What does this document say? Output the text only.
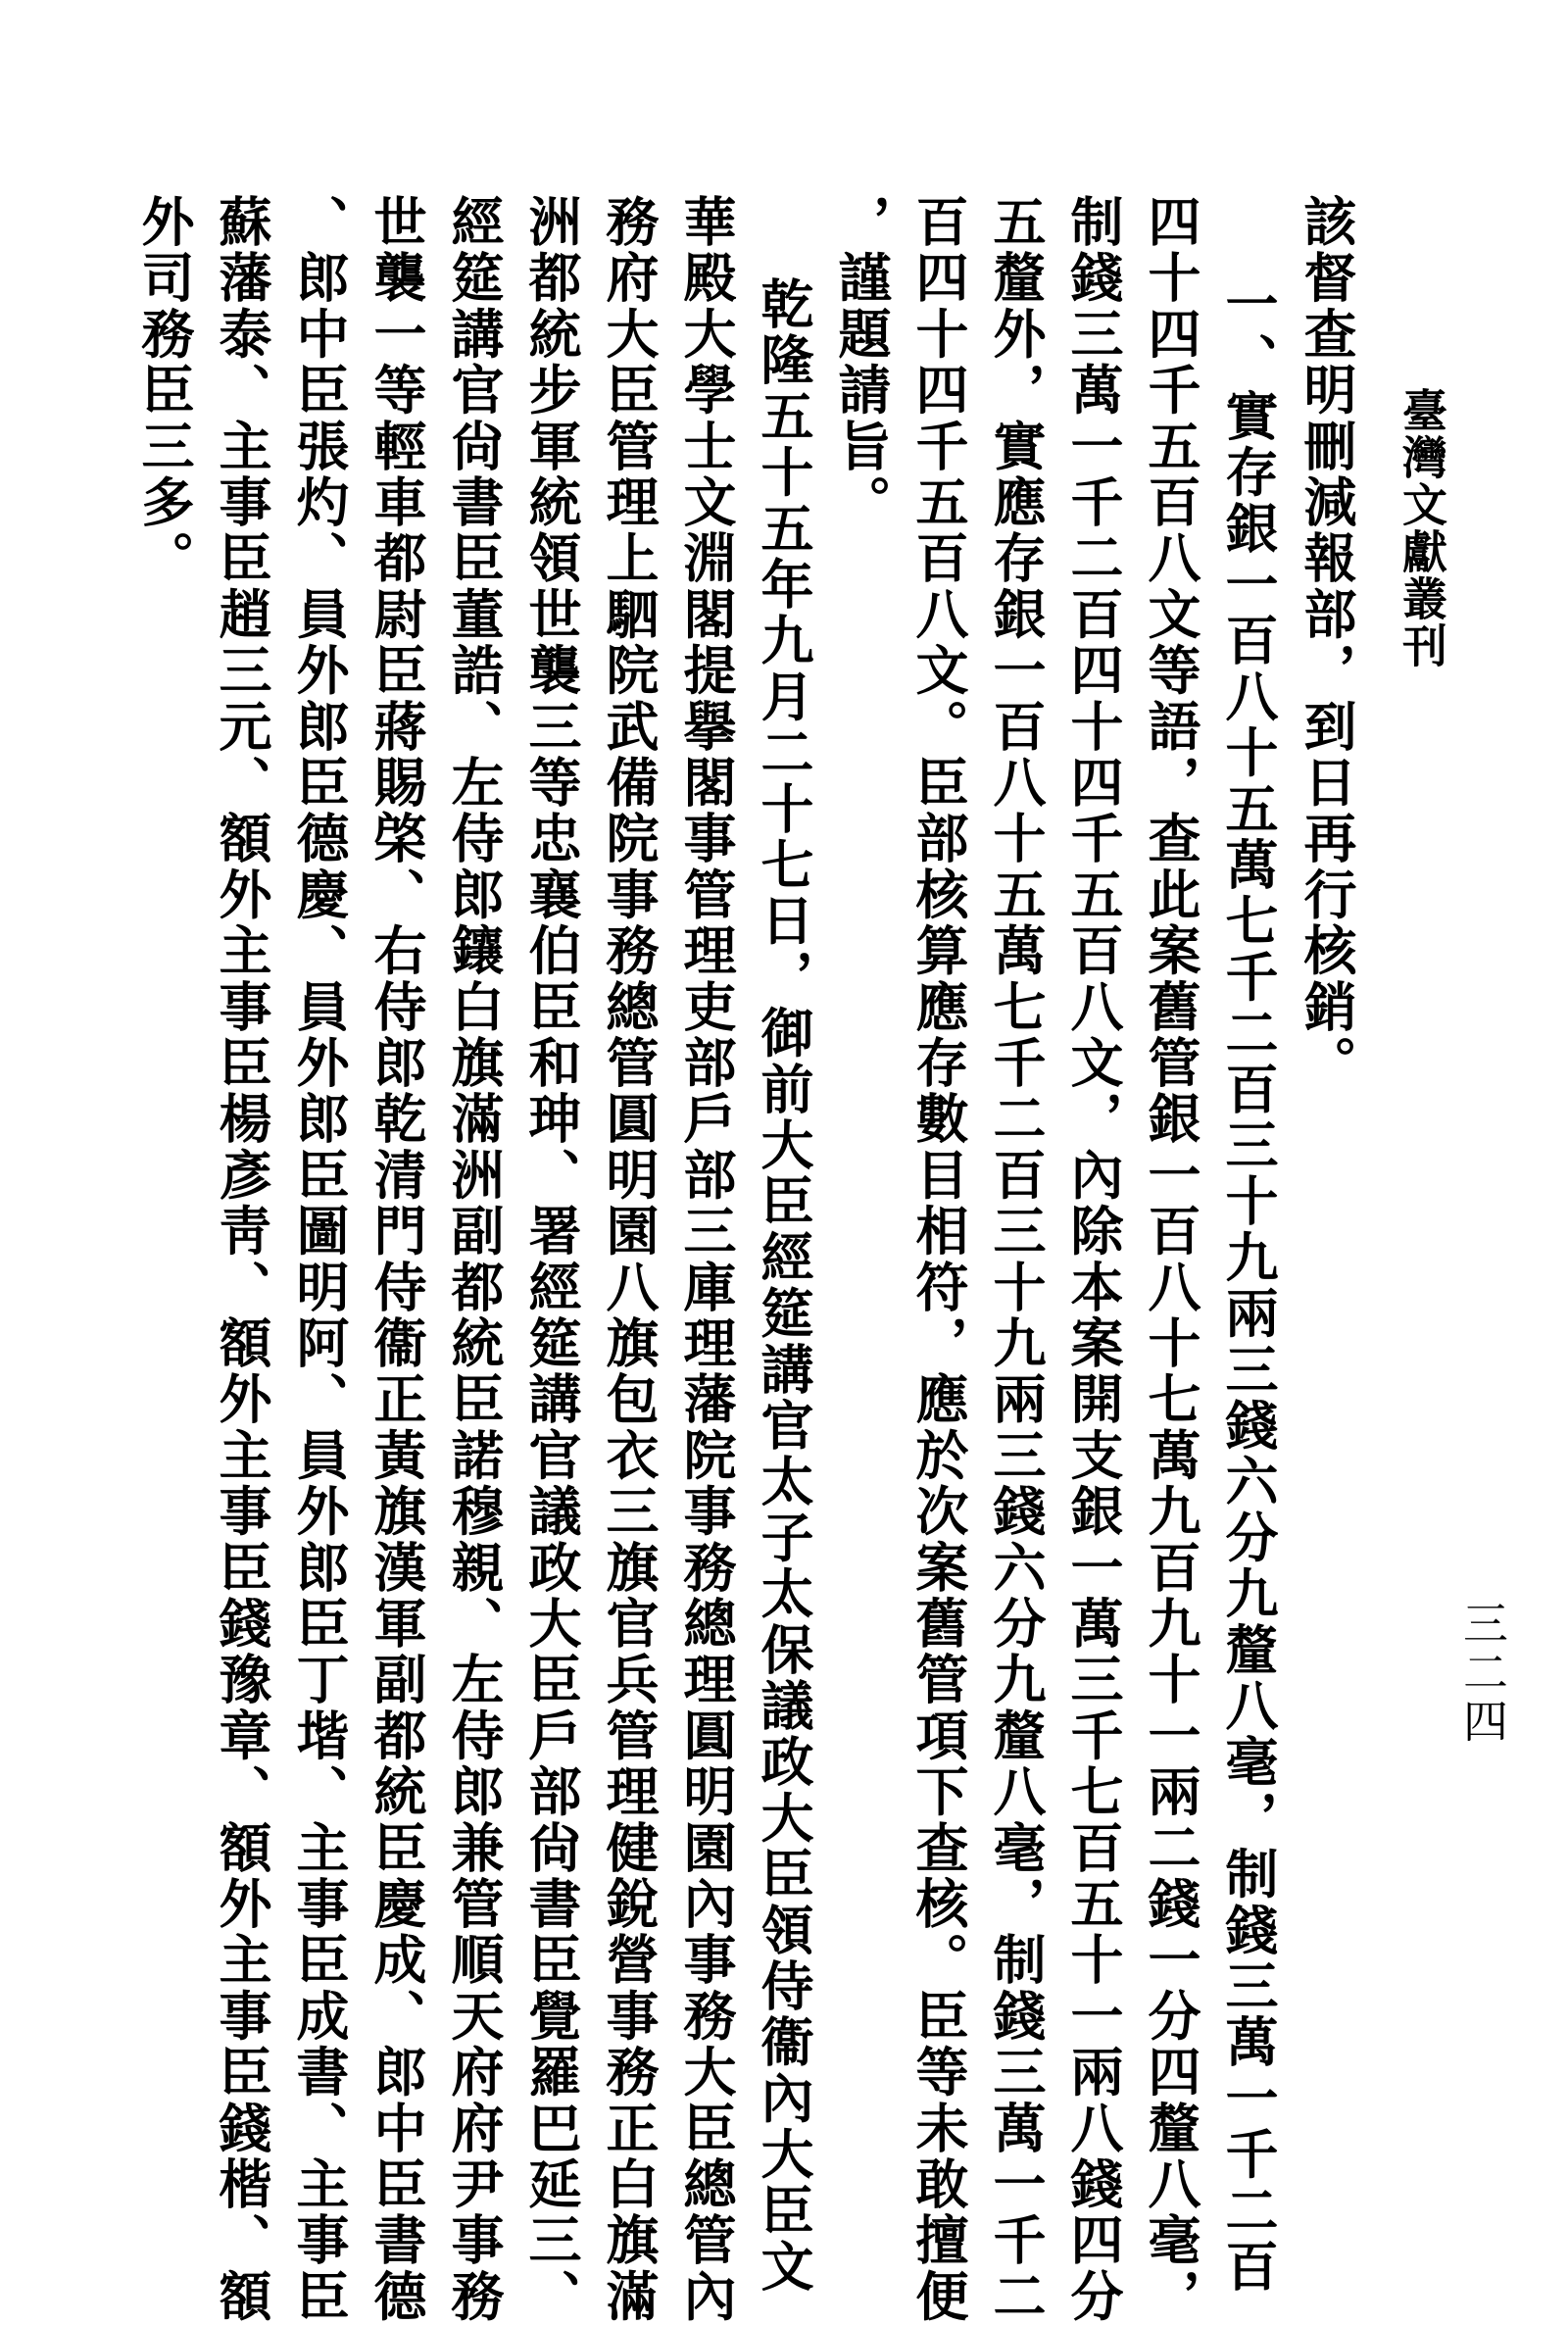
臺灣文獻叢刊
三二四
該督查明刪減報部，到日再行核銷。
一、實存銀一百八十五萬七千二百三十九兩三錢六分九釐八毫，制錢三萬一千二百
四十四千五百八文等語，查此案舊管銀一百八十七萬九百九十一兩二錢一分四釐八毫，
制錢三萬一千二百四十四千五百八文，內除本案開支銀一萬三千七百五十一兩八錢四分
五釐外，實應存銀一百八十五萬七千二百三十九兩三錢六分九釐八毫，制錢三萬一千二
百四十四千五百八文。臣部核算應存數目相符，應於次案舊管項下查核。臣等未敢擅便
，謹題請旨。
乾隆五十五年九月二十七日，御前大臣經筵講官太子太保議政大臣領侍衞內大臣文
華殿大學士文淵閣提擧閣事管理吏部戶部三庫理藩院事務總理圓明園內事務大臣總管內
務府大臣管理上駟院武備院事務總管圓明園八旗包衣三旗官兵管理健銳營事務正白旗滿
洲都統步軍統領世襲三等忠襄伯臣和珅、署經筵講官議政大臣戶部尙書臣覺羅巴延三、
經筵講官尙書臣董誥、左侍郎鑲白旗滿洲副都統臣諾穆親、左侍郎兼管順天府府尹事務
世襲一等輕車都尉臣蔣賜棨、右侍郎乾清門侍衞正黃旗漢軍副都統臣慶成、郎中臣書德
、郎中臣張灼、員外郎臣德慶、員外郎臣圖明阿、員外郎臣丁堦、主事臣成書、主事臣
蘇藩泰、主事臣趙三元、額外主事臣楊彥靑、額外主事臣錢豫章、額外主事臣錢楷、額
外司務臣三多。
